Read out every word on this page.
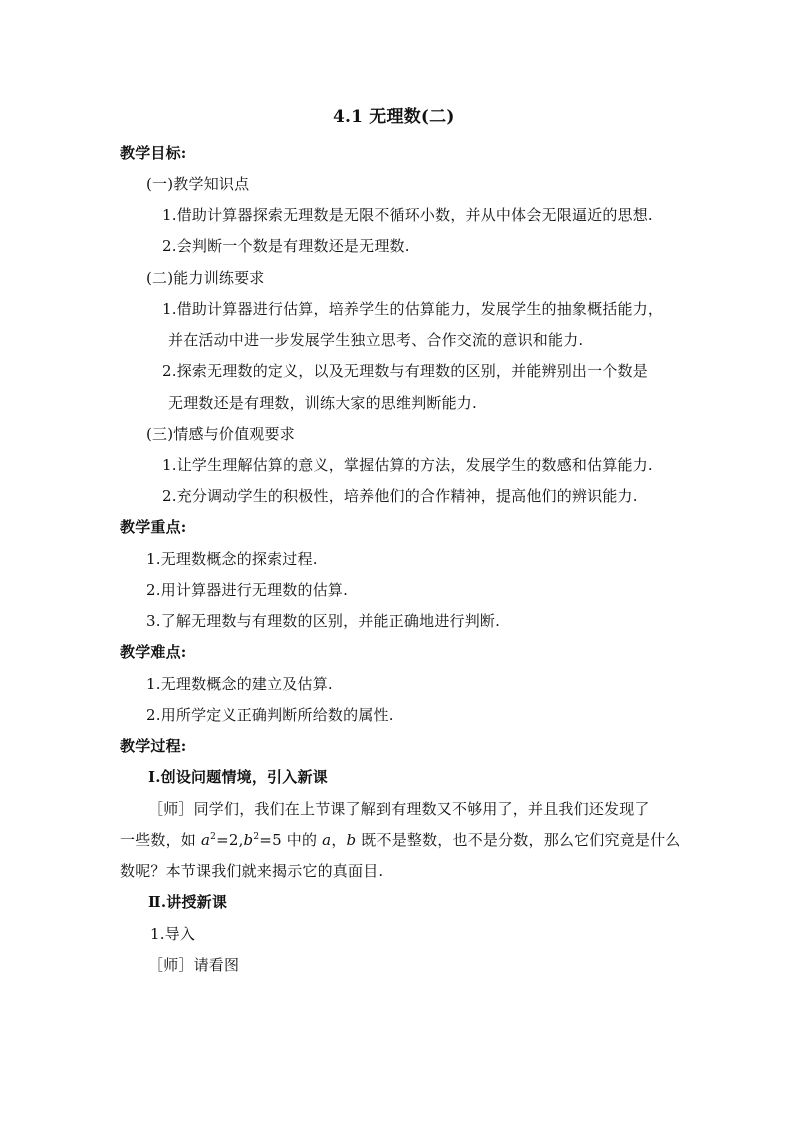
4.1 无理数(二)
教学目标:
(一)教学知识点
1.借助计算器探索无理数是无限不循环小数，并从中体会无限逼近的思想.
2.会判断一个数是有理数还是无理数.
(二)能力训练要求
1.借助计算器进行估算，培养学生的估算能力，发展学生的抽象概括能力，
并在活动中进一步发展学生独立思考、合作交流的意识和能力.
2.探索无理数的定义，以及无理数与有理数的区别，并能辨别出一个数是
无理数还是有理数，训练大家的思维判断能力.
(三)情感与价值观要求
1.让学生理解估算的意义，掌握估算的方法，发展学生的数感和估算能力.
2.充分调动学生的积极性，培养他们的合作精神，提高他们的辨识能力.
教学重点:
1.无理数概念的探索过程.
2.用计算器进行无理数的估算.
3.了解无理数与有理数的区别，并能正确地进行判断.
教学难点:
1.无理数概念的建立及估算.
2.用所学定义正确判断所给数的属性.
教学过程:
Ⅰ.创设问题情境，引入新课
［师］同学们，我们在上节课了解到有理数又不够用了，并且我们还发现了
一些数，如 $a^2=2,b^2=5$ 中的 a，b 既不是整数，也不是分数，那么它们究竟是什么
数呢？本节课我们就来揭示它的真面目.
Ⅱ.讲授新课
1.导入
［师］请看图
